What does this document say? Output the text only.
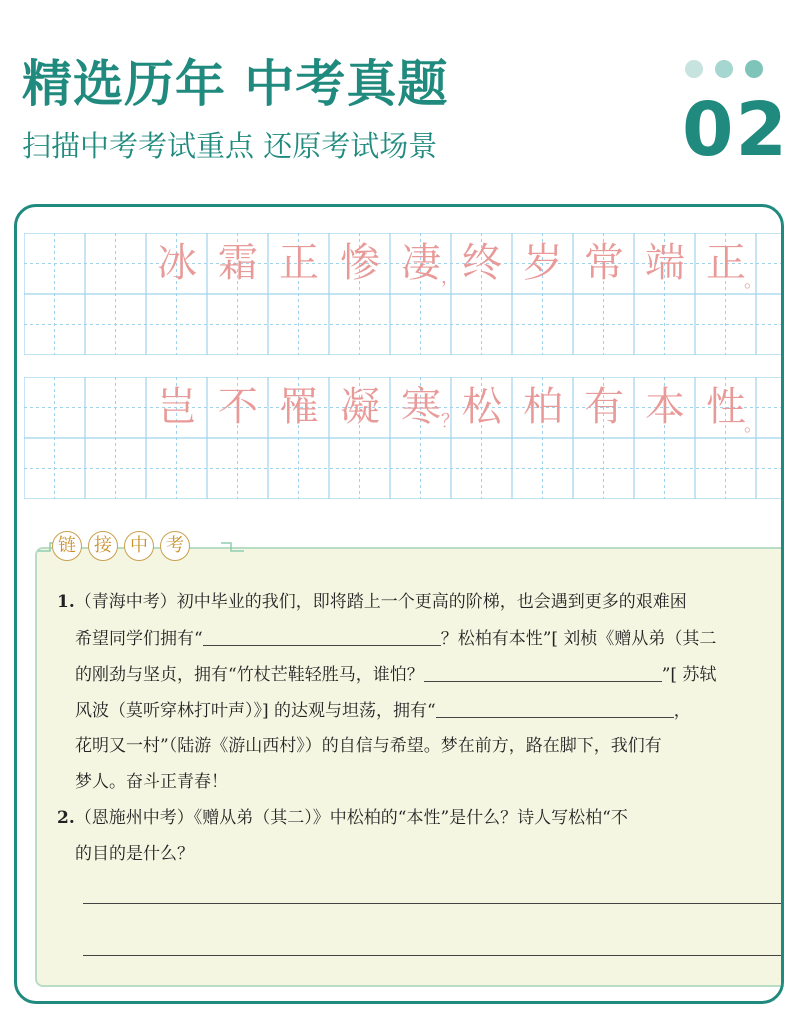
精选历年 中考真题
扫描中考考试重点 还原考试场景	02
冰 霜 正 惨 凄 终 岁 常 端 正
，	。
岂 不 罹 凝 寒 松 柏 有 本 性
？	。
链	接	中	考
1.（青海中考）初中毕业的我们，即将踏上一个更高的阶梯，也会遇到更多的艰难困
希望同学们拥有“	？松柏有本性”[ 刘桢《赠从弟（其二
的刚劲与坚贞，拥有“竹杖芒鞋轻胜马，谁怕？	”[ 苏轼
风波（莫听穿林打叶声）》] 的达观与坦荡，拥有“	，
花明又一村”（陆游《游山西村》）的自信与希望。梦在前方，路在脚下，我们有
梦人。奋斗正青春！
2.（恩施州中考）《赠从弟（其二）》中松柏的“本性”是什么？诗人写松柏“不
的目的是什么？
